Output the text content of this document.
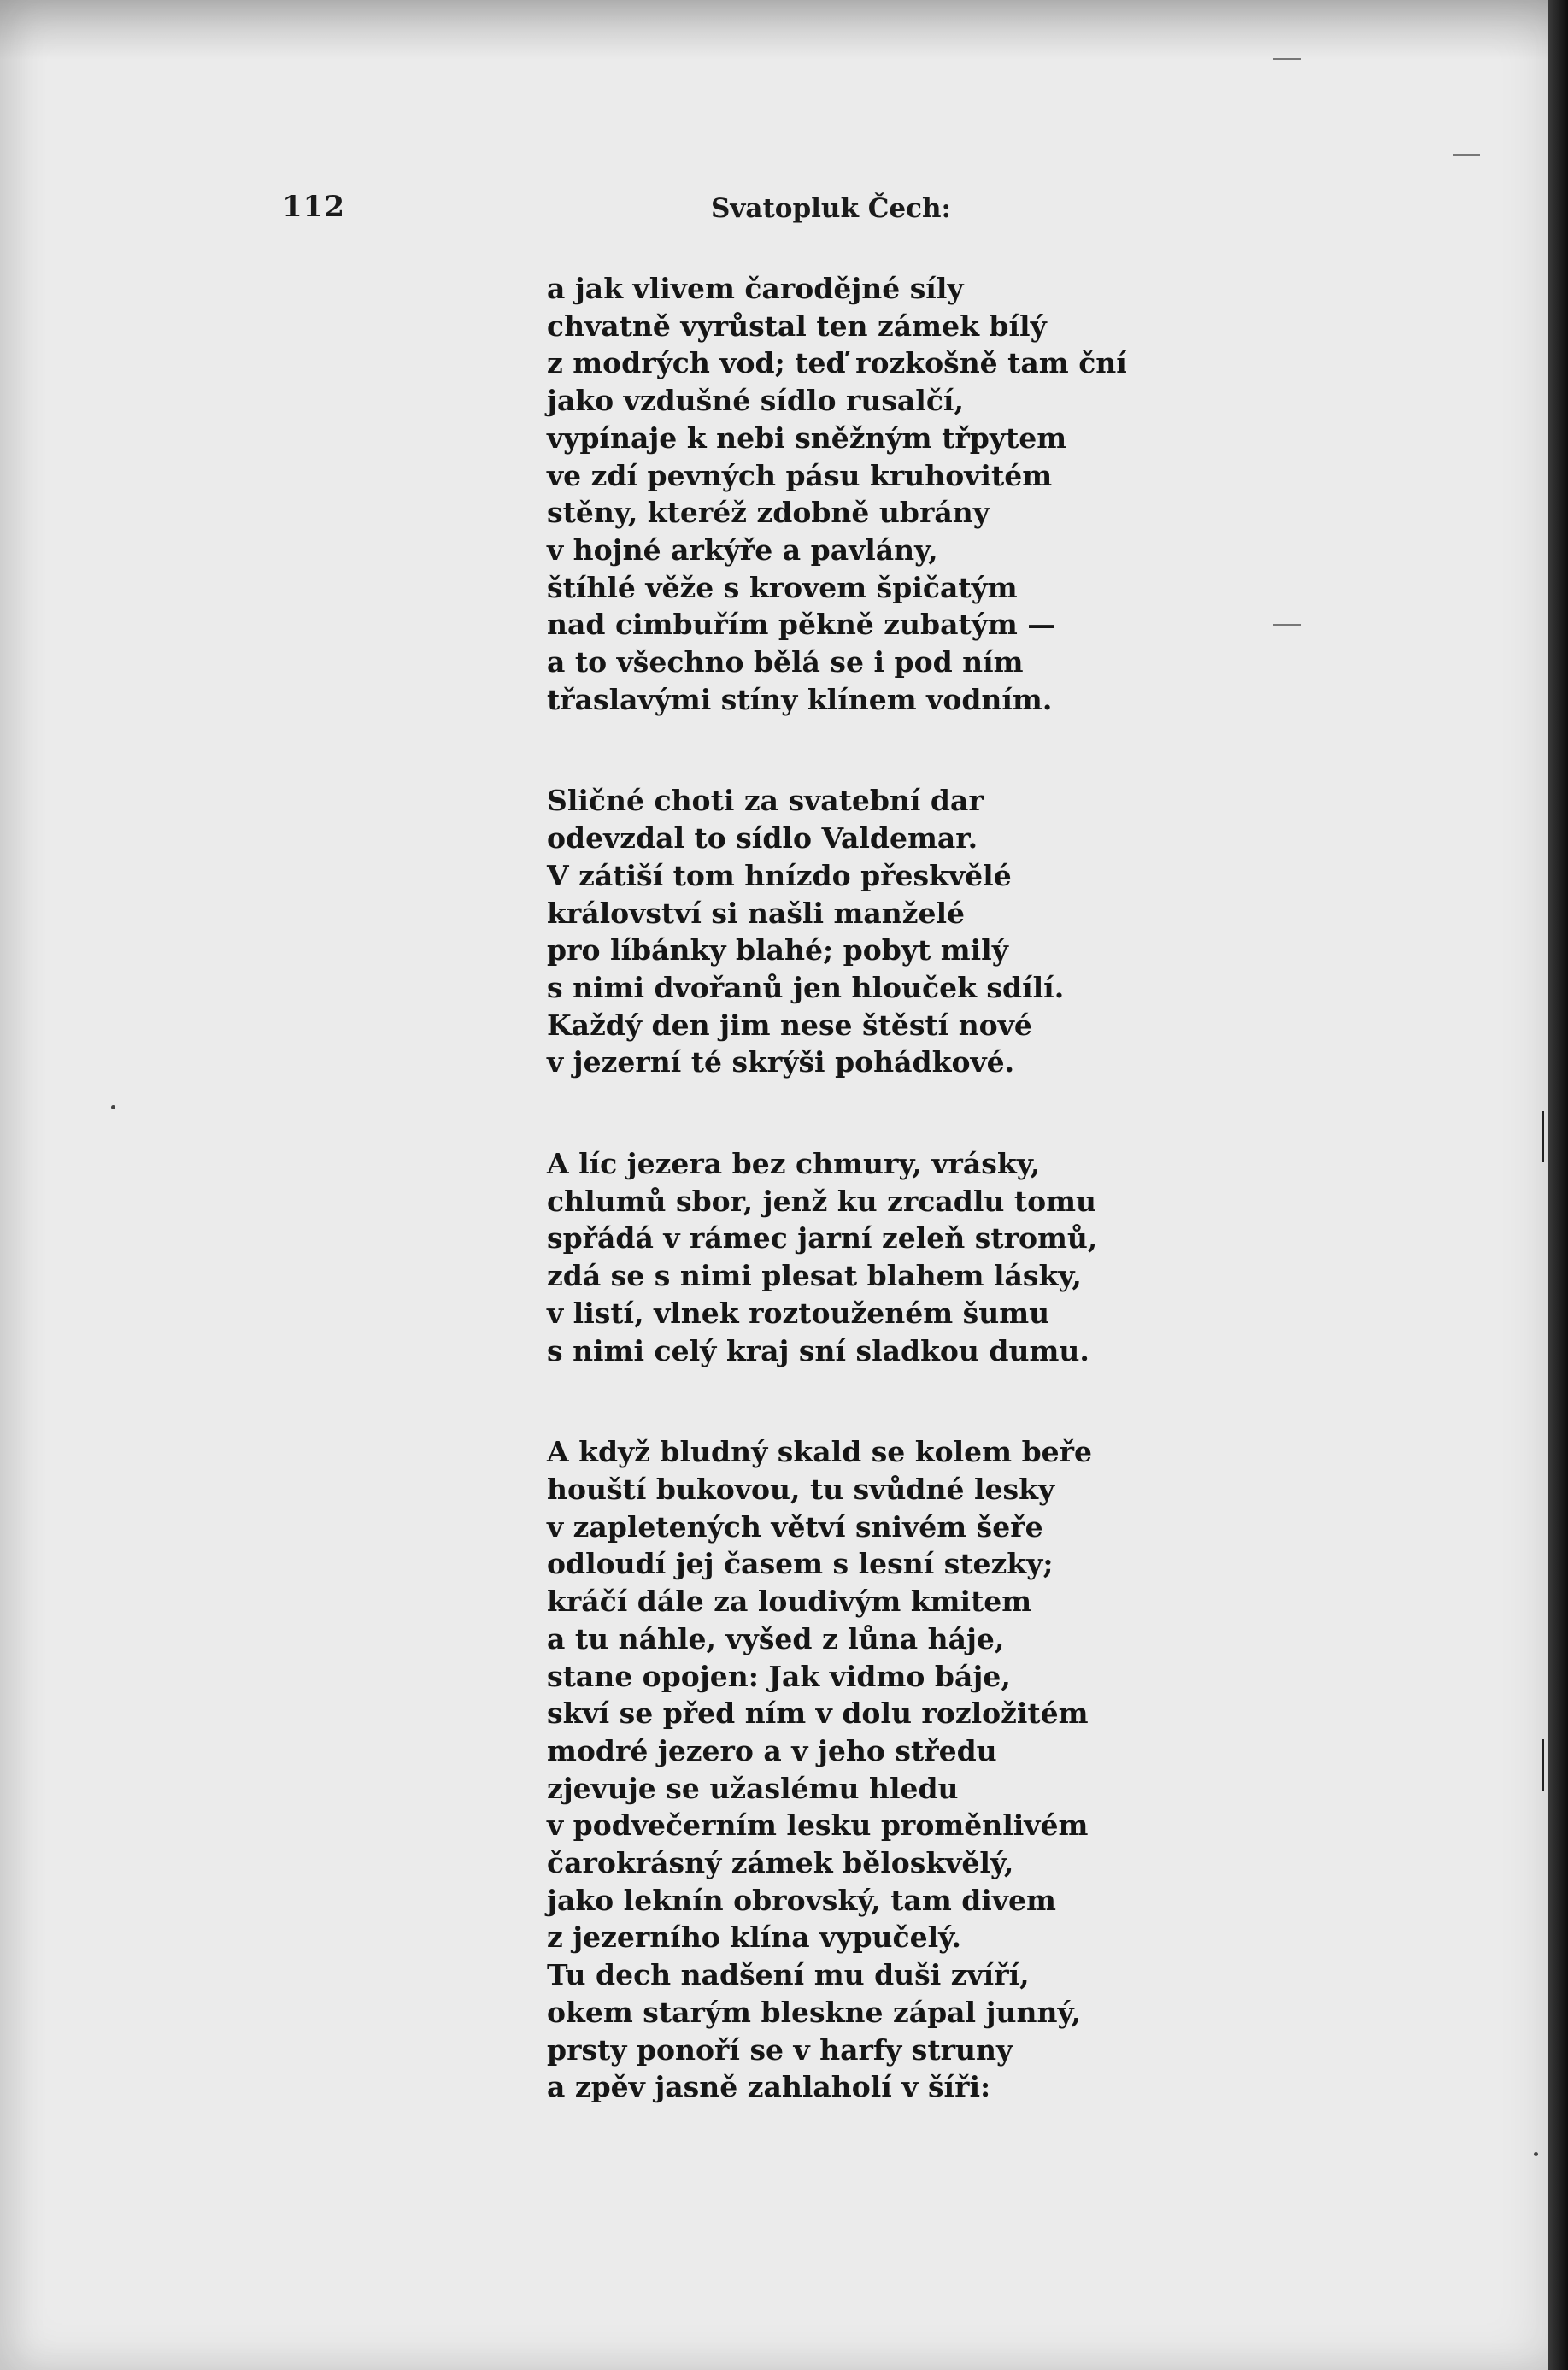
112	Svatopluk Čech:
a jak vlivem čarodějné síly
chvatně vyrůstal ten zámek bílý
z modrých vod; teď rozkošně tam ční
jako vzdušné sídlo rusalčí,
vypínaje k nebi sněžným třpytem
ve zdí pevných pásu kruhovitém
stěny, kteréž zdobně ubrány
v hojné arkýře a pavlány,
štíhlé věže s krovem špičatým
nad cimbuřím pěkně zubatým —
a to všechno bělá se i pod ním
třaslavými stíny klínem vodním.
Sličné choti za svatební dar
odevzdal to sídlo Valdemar.
V zátiší tom hnízdo přeskvělé
království si našli manželé
pro líbánky blahé; pobyt milý
s nimi dvořanů jen hlouček sdílí.
Každý den jim nese štěstí nové
v jezerní té skrýši pohádkové.
A líc jezera bez chmury, vrásky,
chlumů sbor, jenž ku zrcadlu tomu
spřádá v rámec jarní zeleň stromů,
zdá se s nimi plesat blahem lásky,
v listí, vlnek roztouženém šumu
s nimi celý kraj sní sladkou dumu.
A když bludný skald se kolem beře
houští bukovou, tu svůdné lesky
v zapletených větví snivém šeře
odloudí jej časem s lesní stezky;
kráčí dále za loudivým kmitem
a tu náhle, vyšed z lůna háje,
stane opojen: Jak vidmo báje,
skví se před ním v dolu rozložitém
modré jezero a v jeho středu
zjevuje se užaslému hledu
v podvečerním lesku proměnlivém
čarokrásný zámek běloskvělý,
jako leknín obrovský, tam divem
z jezerního klína vypučelý.
Tu dech nadšení mu duši zvíří,
okem starým bleskne zápal junný,
prsty ponoří se v harfy struny
a zpěv jasně zahlaholí v šíři:
